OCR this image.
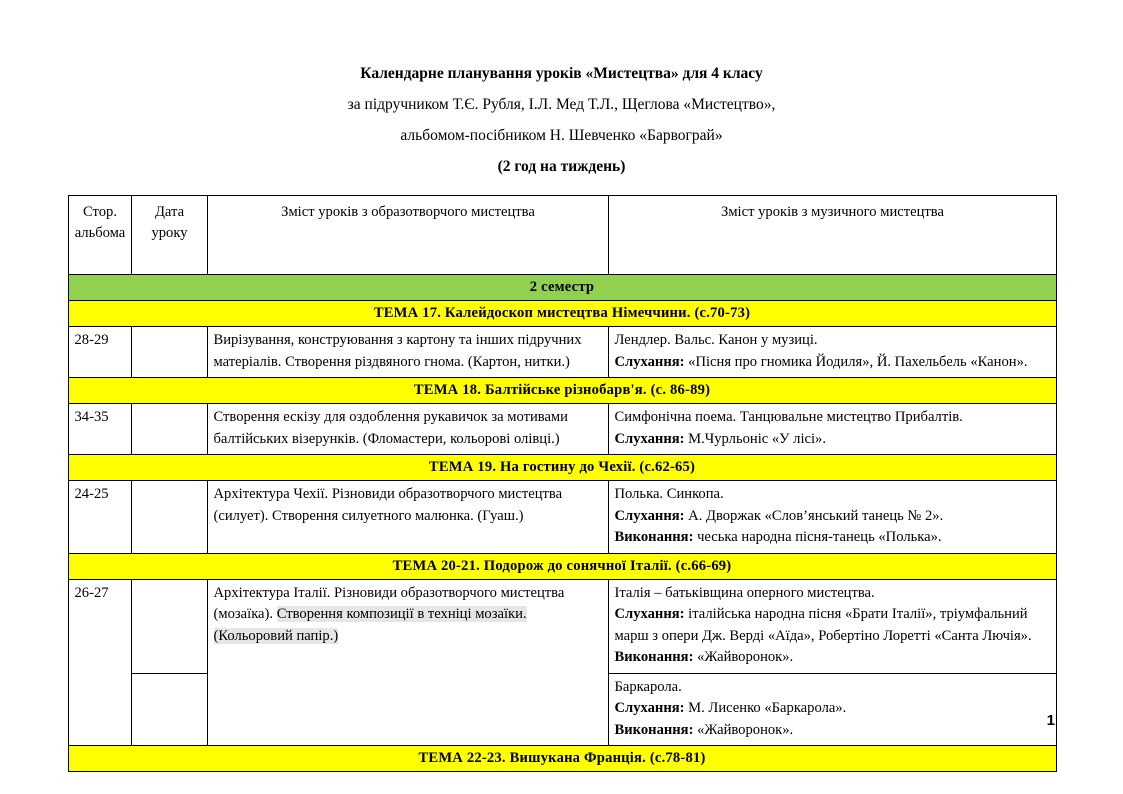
Календарне планування уроків «Мистецтва» для 4 класу
за підручником Т.Є. Рубля, І.Л. Мед Т.Л., Щеглова «Мистецтво»,
альбомом-посібником Н. Шевченко «Барвограй»
(2 год на тиждень)
Стор. альбома	Дата уроку	Зміст уроків з образотворчого мистецтва	Зміст уроків з музичного мистецтва
2 семестр			
ТЕМА 17. Калейдоскоп мистецтва Німеччини. (с.70-73)			
28-29		Вирізування, конструювання з картону та інших підручних матеріалів. Створення різдвяного гнома. (Картон, нитки.)	Лендлер. Вальс. Канон у музиці.

Слухання: «Пісня про гномика Йодиля», Й. Пахельбель «Канон».

ТЕМА 18. Балтійське різнобарв'я. (с. 86-89)			
34-35		Створення ескізу для оздоблення рукавичок за мотивами балтійських візерунків. (Фломастери, кольорові олівці.)	Симфонічна поема. Танцювальне мистецтво Прибалтів.

Слухання: М.Чурльоніс «У лісі».

ТЕМА 19. На гостину до Чехії. (с.62-65)			
24-25		Архітектура Чехії. Різновиди образотворчого мистецтва (силует). Створення силуетного малюнка. (Гуаш.)	Полька. Синкопа.

Слухання: А. Дворжак «Слов’янський танець № 2».

Виконання: чеська народна пісня-танець «Полька».

ТЕМА 20-21. Подорож до сонячної Італії. (с.66-69)			
26-27		Архітектура Італії. Різновиди образотворчого мистецтва (мозаїка). Створення композиції в техніці мозаїки. (Кольоровий папір.)	Італія – батьківщина оперного мистецтва.

Слухання: італійська народна пісня «Брати Італії», тріумфальний марш з опери Дж. Верді «Аїда», Робертіно Лоретті «Санта Лючія».

Виконання: «Жайворонок».

			Баркарола.

Слухання: М. Лисенко «Баркарола».

Виконання: «Жайворонок».

ТЕМА 22-23. Вишукана Франція. (с.78-81)			
1
